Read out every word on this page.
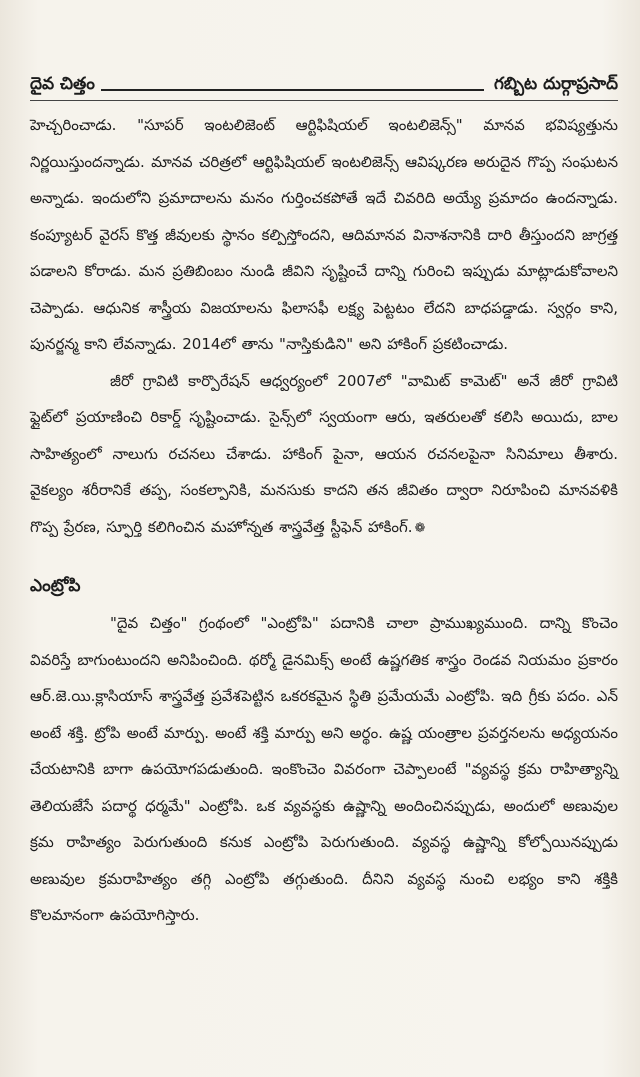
దైవ చిత్తం	గబ్బిట దుర్గాప్రసాద్

హెచ్చరించాడు. "సూపర్ ఇంటలిజెంట్ ఆర్టిఫిషియల్ ఇంటలిజెన్స్" మానవ భవిష్యత్తును నిర్ణయిస్తుందన్నాడు. మానవ చరిత్రలో ఆర్టిఫిషియల్ ఇంటలిజెన్స్ ఆవిష్కరణ అరుదైన గొప్ప సంఘటన అన్నాడు. ఇందులోని ప్రమాదాలను మనం గుర్తించకపోతే ఇదే చివరిది అయ్యే ప్రమాదం ఉందన్నాడు. కంప్యూటర్ వైరస్ కొత్త జీవులకు స్థానం కల్పిస్తోందని, ఆదిమానవ వినాశనానికి దారి తీస్తుందని జాగ్రత్త పడాలని కోరాడు. మన ప్రతిబింబం నుండి జీవిని సృష్టించే దాన్ని గురించి ఇప్పుడు మాట్లాడుకోవాలని చెప్పాడు. ఆధునిక శాస్త్రీయ విజయాలను ఫిలాసఫీ లక్ష్య పెట్టటం లేదని బాధపడ్డాడు. స్వర్గం కాని, పునర్జన్మ కాని లేవన్నాడు. 2014లో తాను "నాస్తికుడిని" అని హాకింగ్ ప్రకటించాడు.

జీరో గ్రావిటి కార్పొరేషన్ ఆధ్వర్యంలో 2007లో "వామిట్ కామెట్" అనే జీరో గ్రావిటి ఫ్లైట్‌లో ప్రయాణించి రికార్డ్ సృష్టించాడు. సైన్స్‌లో స్వయంగా ఆరు, ఇతరులతో కలిసి అయిదు, బాల సాహిత్యంలో నాలుగు రచనలు చేశాడు. హాకింగ్ పైనా, ఆయన రచనలపైనా సినిమాలు తీశారు. వైకల్యం శరీరానికే తప్ప, సంకల్పానికి, మనసుకు కాదని తన జీవితం ద్వారా నిరూపించి మానవళికి గొప్ప ప్రేరణ, స్ఫూర్తి కలిగించిన మహోన్నత శాస్త్రవేత్త స్టీఫెన్ హాకింగ్. ❁

ఎంట్రోపి

"దైవ చిత్తం" గ్రంథంలో "ఎంట్రోపి" పదానికి చాలా ప్రాముఖ్యముంది. దాన్ని కొంచెం వివరిస్తే బాగుంటుందని అనిపించింది. థర్మో డైనమిక్స్ అంటే ఉష్ణగతిక శాస్త్రం రెండవ నియమం ప్రకారం ఆర్.జె.యి.క్లాసియాస్ శాస్త్రవేత్త ప్రవేశపెట్టిన ఒకరకమైన స్థితి ప్రమేయమే ఎంట్రోపి. ఇది గ్రీకు పదం. ఎన్ అంటే శక్తి. ట్రోపి అంటే మార్పు. అంటే శక్తి మార్పు అని అర్థం. ఉష్ణ యంత్రాల ప్రవర్తనలను అధ్యయనం చేయటానికి బాగా ఉపయోగపడుతుంది. ఇంకొంచెం వివరంగా చెప్పాలంటే "వ్యవస్థ క్రమ రాహిత్యాన్ని తెలియజేసే పదార్థ ధర్మమే" ఎంట్రోపి. ఒక వ్యవస్థకు ఉష్ణాన్ని అందించినప్పుడు, అందులో అణువుల క్రమ రాహిత్యం పెరుగుతుంది కనుక ఎంట్రోపి పెరుగుతుంది. వ్యవస్థ ఉష్ణాన్ని కోల్పోయినప్పుడు అణువుల క్రమరాహిత్యం తగ్గి ఎంట్రోపి తగ్గుతుంది. దీనిని వ్యవస్థ నుంచి లభ్యం కాని శక్తికి కొలమానంగా ఉపయోగిస్తారు.
